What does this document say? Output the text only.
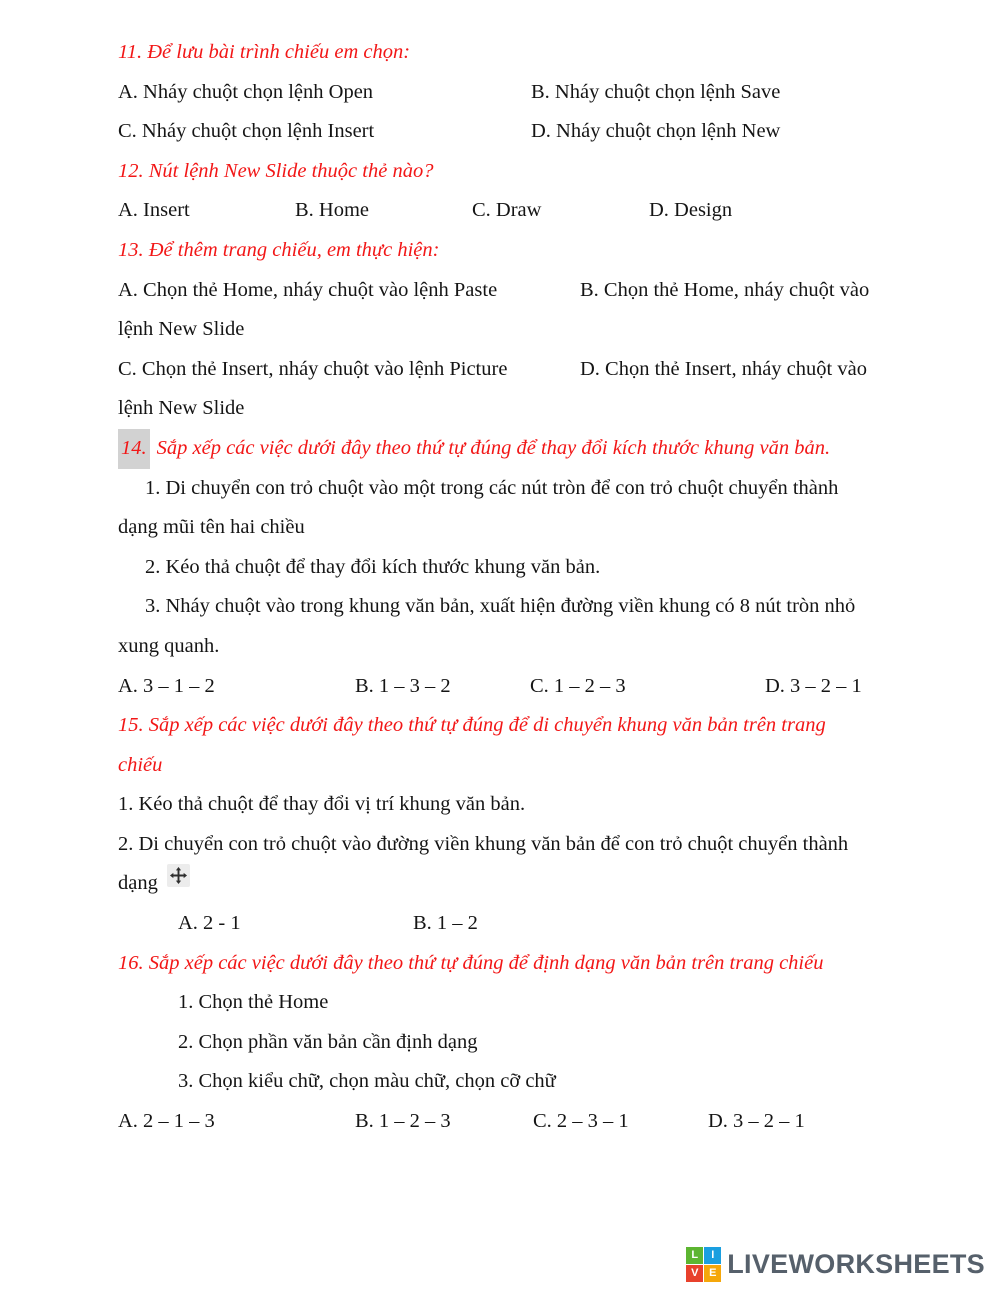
11. Để lưu bài trình chiếu em chọn:
A. Nháy chuột chọn lệnh Open	B. Nháy chuột chọn lệnh Save
C. Nháy chuột chọn lệnh Insert	D. Nháy chuột chọn lệnh New
12. Nút lệnh New Slide thuộc thẻ nào?
A. Insert	B. Home	C. Draw	D. Design
13. Để thêm trang chiếu, em thực hiện:
A. Chọn thẻ Home, nháy chuột vào lệnh Paste	B. Chọn thẻ Home, nháy chuột vào
lệnh New Slide
C. Chọn thẻ Insert, nháy chuột vào lệnh Picture	D. Chọn thẻ Insert, nháy chuột vào
lệnh New Slide
14. Sắp xếp các việc dưới đây theo thứ tự đúng để thay đổi kích thước khung văn bản.
1. Di chuyển con trỏ chuột vào một trong các nút tròn để con trỏ chuột chuyển thành
dạng mũi tên hai chiều
2. Kéo thả chuột để thay đổi kích thước khung văn bản.
3. Nháy chuột vào trong khung văn bản, xuất hiện đường viền khung có 8 nút tròn nhỏ
xung quanh.
A. 3 – 1 – 2	B. 1 – 3 – 2	C. 1 – 2 – 3	D. 3 – 2 – 1
15. Sắp xếp các việc dưới đây theo thứ tự đúng để di chuyển khung văn bản trên trang
chiếu
1. Kéo thả chuột để thay đổi vị trí khung văn bản.
2. Di chuyển con trỏ chuột vào đường viền khung văn bản để con trỏ chuột chuyển thành
dạng
A. 2 - 1	B. 1 – 2
16. Sắp xếp các việc dưới đây theo thứ tự đúng để định dạng văn bản trên trang chiếu
1. Chọn thẻ Home
2. Chọn phần văn bản cần định dạng
3. Chọn kiểu chữ, chọn màu chữ, chọn cỡ chữ
A. 2 – 1 – 3	B. 1 – 2 – 3	C. 2 – 3 – 1	D. 3 – 2 – 1
L	I
V E LIVEWORKSHEETS
